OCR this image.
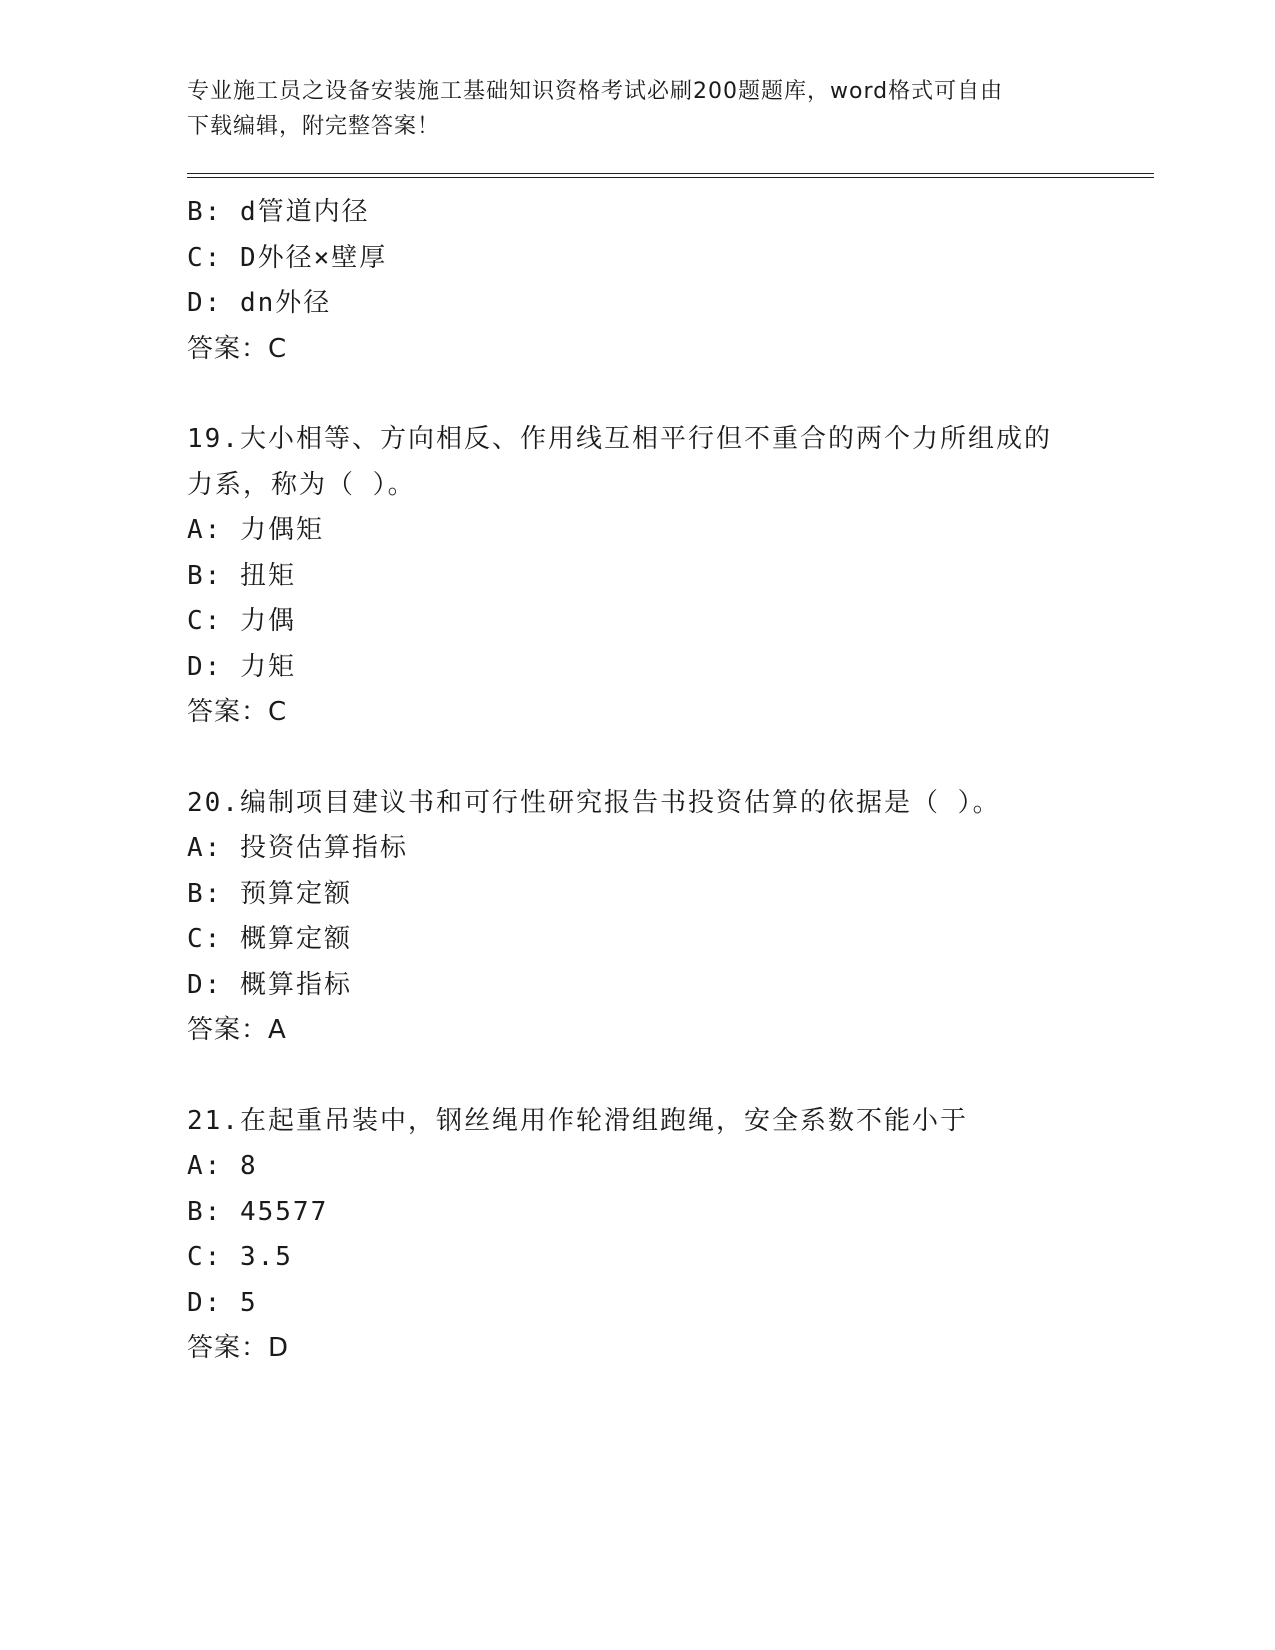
专业施工员之设备安装施工基础知识资格考试必刷200题题库，word格式可自由
下载编辑，附完整答案！
B: d管道内径
C: D外径×壁厚
D: dn外径
答案：C
19.大小相等、方向相反、作用线互相平行但不重合的两个力所组成的
力系，称为（ ）。
A: 力偶矩
B: 扭矩
C: 力偶
D: 力矩
答案：C
20.编制项目建议书和可行性研究报告书投资估算的依据是（ ）。
A: 投资估算指标
B: 预算定额
C: 概算定额
D: 概算指标
答案：A
21.在起重吊装中，钢丝绳用作轮滑组跑绳，安全系数不能小于
A: 8
B: 45577
C: 3.5
D: 5
答案：D
